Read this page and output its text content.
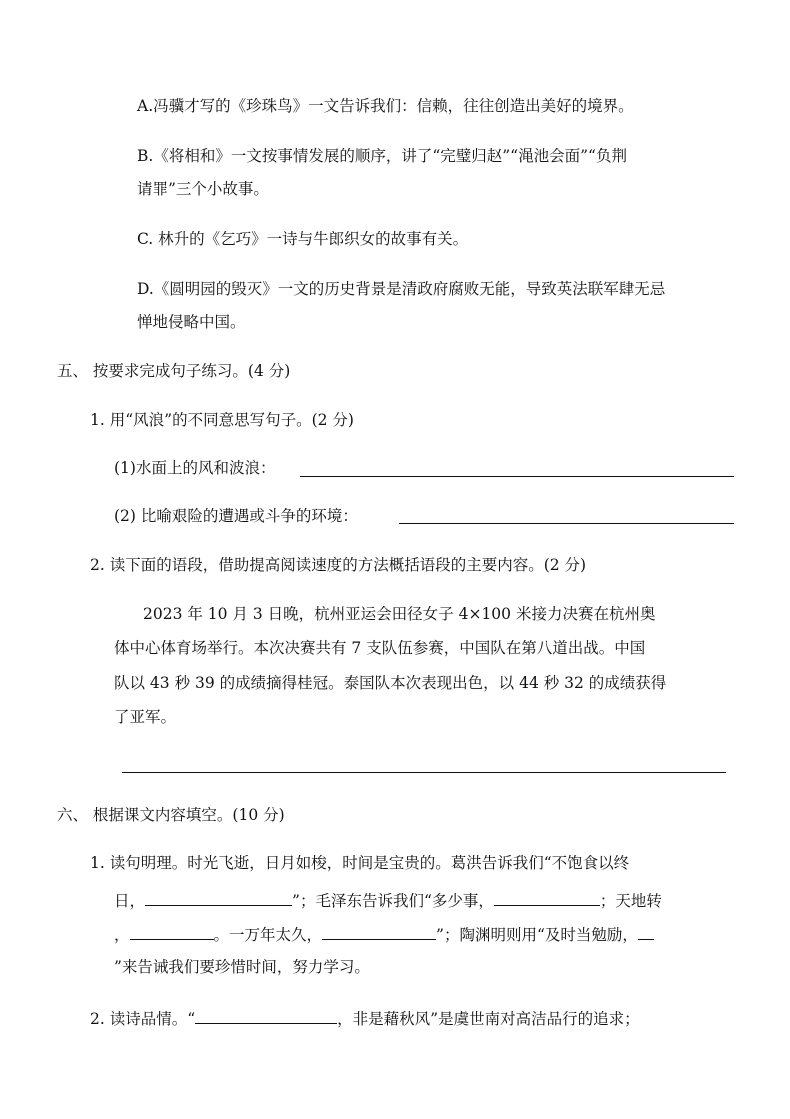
A.冯骥才写的《珍珠鸟》一文告诉我们：信赖，往往创造出美好的境界。
B.《将相和》一文按事情发展的顺序，讲了“完璧归赵”“渑池会面”“负荆
请罪”三个小故事。
C. 林升的《乞巧》一诗与牛郎织女的故事有关。
D.《圆明园的毁灭》一文的历史背景是清政府腐败无能，导致英法联军肆无忌
惮地侵略中国。
五、 按要求完成句子练习。(4 分)
1. 用“风浪”的不同意思写句子。(2 分)
(1)水面上的风和波浪：
(2) 比喻艰险的遭遇或斗争的环境：
2. 读下面的语段，借助提高阅读速度的方法概括语段的主要内容。(2 分)
2023 年 10 月 3 日晚，杭州亚运会田径女子 4×100 米接力决赛在杭州奥
体中心体育场举行。本次决赛共有 7 支队伍参赛，中国队在第八道出战。中国
队以 43 秒 39 的成绩摘得桂冠。泰国队本次表现出色，以 44 秒 32 的成绩获得
了亚军。
六、 根据课文内容填空。(10 分)
1. 读句明理。时光飞逝，日月如梭，时间是宝贵的。葛洪告诉我们“不饱食以终
日，	”；毛泽东告诉我们“多少事，	；天地转
，	。一万年太久，	”；陶渊明则用“及时当勉励，
”来告诫我们要珍惜时间，努力学习。
2. 读诗品情。“	，非是藉秋风”是虞世南对高洁品行的追求；
